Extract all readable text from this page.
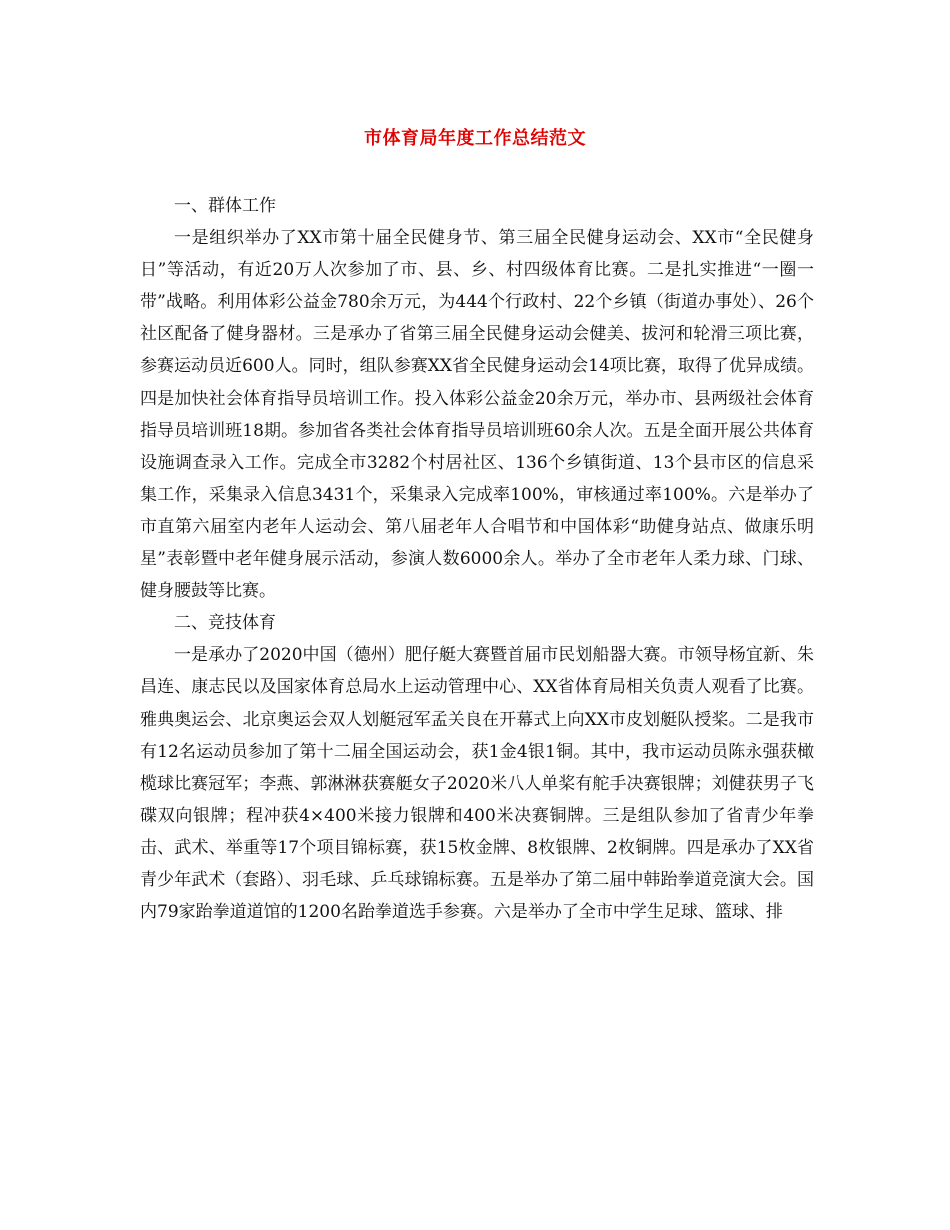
市体育局年度工作总结范文

一、群体工作

一是组织举办了XX市第十届全民健身节、第三届全民健身运动会、XX市“全民健身日”等活动，有近20万人次参加了市、县、乡、村四级体育比赛。二是扎实推进“一圈一带”战略。利用体彩公益金780余万元，为444个行政村、22个乡镇（街道办事处）、26个社区配备了健身器材。三是承办了省第三届全民健身运动会健美、拔河和轮滑三项比赛，参赛运动员近600人。同时，组队参赛XX省全民健身运动会14项比赛，取得了优异成绩。四是加快社会体育指导员培训工作。投入体彩公益金20余万元，举办市、县两级社会体育指导员培训班18期。参加省各类社会体育指导员培训班60余人次。五是全面开展公共体育设施调查录入工作。完成全市3282个村居社区、136个乡镇街道、13个县市区的信息采集工作，采集录入信息3431个，采集录入完成率100%，审核通过率100%。六是举办了市直第六届室内老年人运动会、第八届老年人合唱节和中国体彩“助健身站点、做康乐明星”表彰暨中老年健身展示活动，参演人数6000余人。举办了全市老年人柔力球、门球、健身腰鼓等比赛。

二、竞技体育

一是承办了2020中国（德州）肥仔艇大赛暨首届市民划船器大赛。市领导杨宜新、朱昌连、康志民以及国家体育总局水上运动管理中心、XX省体育局相关负责人观看了比赛。雅典奥运会、北京奥运会双人划艇冠军孟关良在开幕式上向XX市皮划艇队授桨。二是我市有12名运动员参加了第十二届全国运动会，获1金4银1铜。其中，我市运动员陈永强获橄榄球比赛冠军；李燕、郭淋淋获赛艇女子2020米八人单桨有舵手决赛银牌；刘健获男子飞碟双向银牌；程冲获4×400米接力银牌和400米决赛铜牌。三是组队参加了省青少年拳击、武术、举重等17个项目锦标赛，获15枚金牌、8枚银牌、2枚铜牌。四是承办了XX省青少年武术（套路）、羽毛球、乒乓球锦标赛。五是举办了第二届中韩跆拳道竞演大会。国内79家跆拳道道馆的1200名跆拳道选手参赛。六是举办了全市中学生足球、篮球、排
